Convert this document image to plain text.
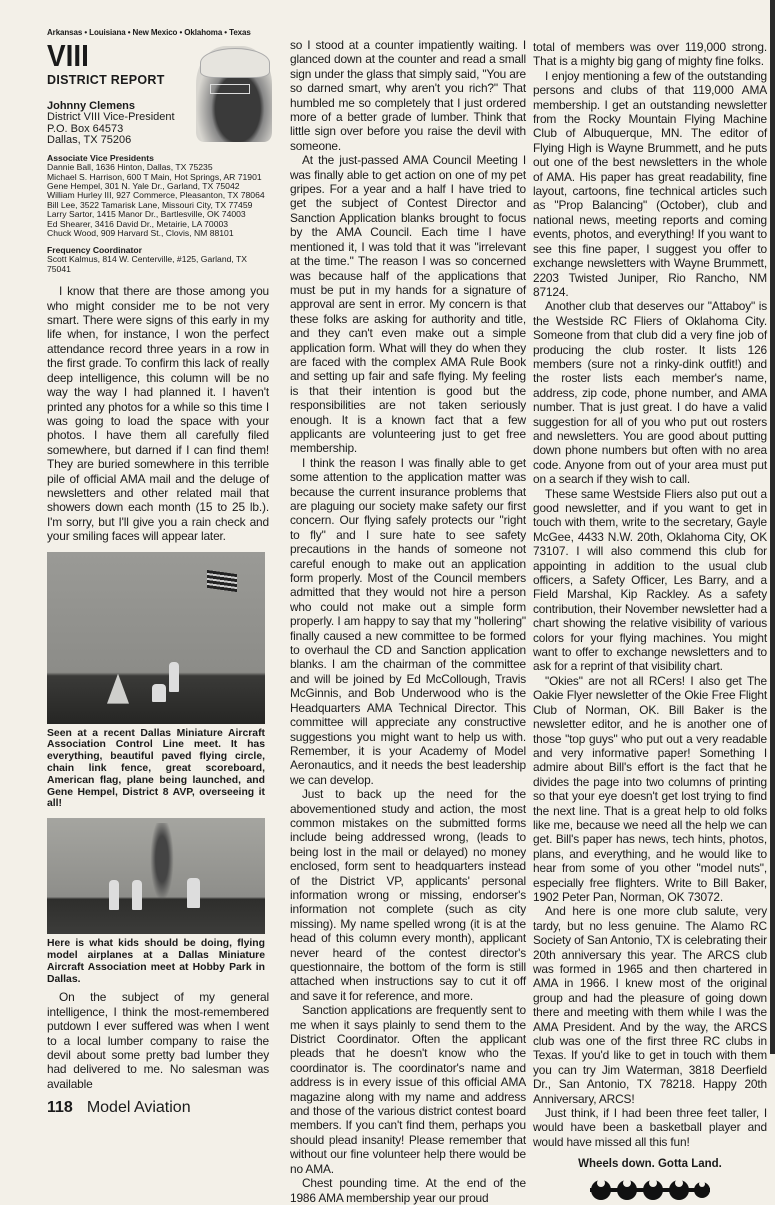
Arkansas • Louisiana • New Mexico • Oklahoma • Texas
VIII
DISTRICT REPORT
Johnny Clemens
District VIII Vice-President
P.O. Box 64573
Dallas, TX 75206
Associate Vice Presidents
Dannie Ball, 1636 Hinton, Dallas, TX 75235
Michael S. Harrison, 600 T Main, Hot Springs, AR 71901
Gene Hempel, 301 N. Yale Dr., Garland, TX 75042
William Hurley III, 927 Commerce, Pleasanton, TX 78064
Bill Lee, 3522 Tamarisk Lane, Missouri City, TX 77459
Larry Sartor, 1415 Manor Dr., Bartlesville, OK 74003
Ed Shearer, 3416 David Dr., Metairie, LA 70003
Chuck Wood, 909 Harvard St., Clovis, NM 88101
Frequency Coordinator
Scott Kalmus, 814 W. Centerville, #125, Garland, TX 75041

I know that there are those among you who might consider me to be not very smart. There were signs of this early in my life when, for instance, I won the perfect attendance record three years in a row in the first grade. To confirm this lack of really deep intelligence, this column will be no way the way I had planned it. I haven't printed any photos for a while so this time I was going to load the space with your photos. I have them all carefully filed somewhere, but darned if I can find them! They are buried somewhere in this terrible pile of official AMA mail and the deluge of newsletters and other related mail that showers down each month (15 to 25 lb.). I'm sorry, but I'll give you a rain check and your smiling faces will appear later.

Seen at a recent Dallas Miniature Aircraft Association Control Line meet. It has everything, beautiful paved flying circle, chain link fence, great scoreboard, American flag, plane being launched, and Gene Hempel, District 8 AVP, overseeing it all!
Here is what kids should be doing, flying model airplanes at a Dallas Miniature Aircraft Association meet at Hobby Park in Dallas.

On the subject of my general intelligence, I think the most-remembered putdown I ever suffered was when I went to a local lumber company to raise the devil about some pretty bad lumber they had delivered to me. No salesman was available

118 Model Aviation

so I stood at a counter impatiently waiting. I glanced down at the counter and read a small sign under the glass that simply said, "You are so darned smart, why aren't you rich?" That humbled me so completely that I just ordered more of a better grade of lumber. Think that little sign over before you raise the devil with someone.

At the just-passed AMA Council Meeting I was finally able to get action on one of my pet gripes. For a year and a half I have tried to get the subject of Contest Director and Sanction Application blanks brought to focus by the AMA Council. Each time I have mentioned it, I was told that it was "irrelevant at the time." The reason I was so concerned was because half of the applications that must be put in my hands for a signature of approval are sent in error. My concern is that these folks are asking for authority and title, and they can't even make out a simple application form. What will they do when they are faced with the complex AMA Rule Book and setting up fair and safe flying. My feeling is that their intention is good but the responsibilities are not taken seriously enough. It is a known fact that a few applicants are volunteering just to get free membership.

I think the reason I was finally able to get some attention to the application matter was because the current insurance problems that are plaguing our society make safety our first concern. Our flying safely protects our "right to fly" and I sure hate to see safety precautions in the hands of someone not careful enough to make out an application form properly. Most of the Council members admitted that they would not hire a person who could not make out a simple form properly. I am happy to say that my "hollering" finally caused a new committee to be formed to overhaul the CD and Sanction application blanks. I am the chairman of the committee and will be joined by Ed McCollough, Travis McGinnis, and Bob Underwood who is the Headquarters AMA Technical Director. This committee will appreciate any constructive suggestions you might want to help us with. Remember, it is your Academy of Model Aeronautics, and it needs the best leadership we can develop.

Just to back up the need for the abovementioned study and action, the most common mistakes on the submitted forms include being addressed wrong, (leads to being lost in the mail or delayed) no money enclosed, form sent to headquarters instead of the District VP, applicants' personal information wrong or missing, endorser's information not complete (such as city missing). My name spelled wrong (it is at the head of this column every month), applicant never heard of the contest director's questionnaire, the bottom of the form is still attached when instructions say to cut it off and save it for reference, and more.

Sanction applications are frequently sent to me when it says plainly to send them to the District Coordinator. Often the applicant pleads that he doesn't know who the coordinator is. The coordinator's name and address is in every issue of this official AMA magazine along with my name and address and those of the various district contest board members. If you can't find them, perhaps you should plead insanity! Please remember that without our fine volunteer help there would be no AMA.

Chest pounding time. At the end of the 1986 AMA membership year our proud

total of members was over 119,000 strong. That is a mighty big gang of mighty fine folks.

I enjoy mentioning a few of the outstanding persons and clubs of that 119,000 AMA membership. I get an outstanding newsletter from the Rocky Mountain Flying Machine Club of Albuquerque, MN. The editor of Flying High is Wayne Brummett, and he puts out one of the best newsletters in the whole of AMA. His paper has great readability, fine layout, cartoons, fine technical articles such as "Prop Balancing" (October), club and national news, meeting reports and coming events, photos, and everything! If you want to see this fine paper, I suggest you offer to exchange newsletters with Wayne Brummett, 2203 Twisted Juniper, Rio Rancho, NM 87124.

Another club that deserves our "Attaboy" is the Westside RC Fliers of Oklahoma City. Someone from that club did a very fine job of producing the club roster. It lists 126 members (sure not a rinky-dink outfit!) and the roster lists each member's name, address, zip code, phone number, and AMA number. That is just great. I do have a valid suggestion for all of you who put out rosters and newsletters. You are good about putting down phone numbers but often with no area code. Anyone from out of your area must put on a search if they wish to call.

These same Westside Fliers also put out a good newsletter, and if you want to get in touch with them, write to the secretary, Gayle McGee, 4433 N.W. 20th, Oklahoma City, OK 73107. I will also commend this club for appointing in addition to the usual club officers, a Safety Officer, Les Barry, and a Field Marshal, Kip Rackley. As a safety contribution, their November newsletter had a chart showing the relative visibility of various colors for your flying machines. You might want to offer to exchange newsletters and to ask for a reprint of that visibility chart.

"Okies" are not all RCers! I also get The Oakie Flyer newsletter of the Okie Free Flight Club of Norman, OK. Bill Baker is the newsletter editor, and he is another one of those "top guys" who put out a very readable and very informative paper! Something I admire about Bill's effort is the fact that he divides the page into two columns of printing so that your eye doesn't get lost trying to find the next line. That is a great help to old folks like me, because we need all the help we can get. Bill's paper has news, tech hints, photos, plans, and everything, and he would like to hear from some of you other "model nuts", especially free flighters. Write to Bill Baker, 1902 Peter Pan, Norman, OK 73072.

And here is one more club salute, very tardy, but no less genuine. The Alamo RC Society of San Antonio, TX is celebrating their 20th anniversary this year. The ARCS club was formed in 1965 and then chartered in AMA in 1966. I knew most of the original group and had the pleasure of going down there and meeting with them while I was the AMA President. And by the way, the ARCS club was one of the first three RC clubs in Texas. If you'd like to get in touch with them you can try Jim Waterman, 3818 Deerfield Dr., San Antonio, TX 78218. Happy 20th Anniversary, ARCS!

Just think, if I had been three feet taller, I would have been a basketball player and would have missed all this fun!

Wheels down. Gotta Land.
